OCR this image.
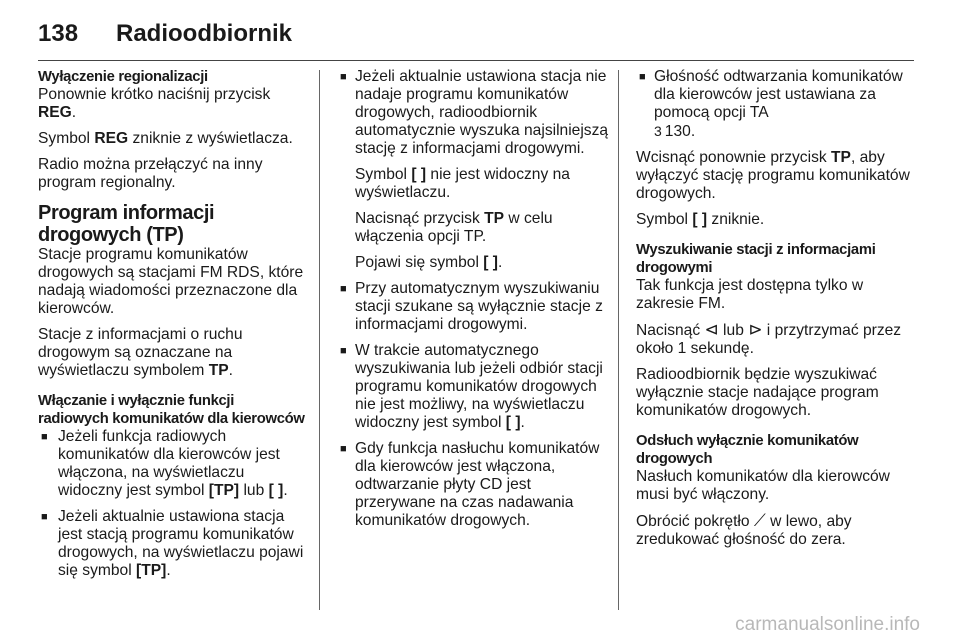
138 Radioodbiornik
Wyłączenie regionalizacji

Ponownie krótko naciśnij przycisk REG.

Symbol REG zniknie z wyświetlacza.

Radio można przełączyć na inny program regionalny.

Program informacji drogowych (TP)

Stacje programu komunikatów drogowych są stacjami FM RDS, które nadają wiadomości przeznaczone dla kierowców.

Stacje z informacjami o ruchu drogowym są oznaczane na wyświetlaczu symbolem TP.

Włączanie i wyłącznie funkcji radiowych komunikatów dla kierowców
■ Jeżeli funkcja radiowych komunikatów dla kierowców jest włączona, na wyświetlaczu widoczny jest symbol [TP] lub [ ].
■ Jeżeli aktualnie ustawiona stacja jest stacją programu komunikatów drogowych, na wyświetlaczu pojawi się symbol [TP].
■ Jeżeli aktualnie ustawiona stacja nie nadaje programu komunikatów drogowych, radioodbiornik automatycznie wyszuka najsilniejszą stację z informacjami drogowymi.
Symbol [ ] nie jest widoczny na wyświetlaczu.
Nacisnąć przycisk TP w celu włączenia opcji TP.
Pojawi się symbol [ ].
■ Przy automatycznym wyszukiwaniu stacji szukane są wyłącznie stacje z informacjami drogowymi.
■ W trakcie automatycznego wyszukiwania lub jeżeli odbiór stacji programu komunikatów drogowych nie jest możliwy, na wyświetlaczu widoczny jest symbol [ ].
■ Gdy funkcja nasłuchu komunikatów dla kierowców jest włączona, odtwarzanie płyty CD jest przerywane na czas nadawania komunikatów drogowych.
■ Głośność odtwarzania komunikatów dla kierowców jest ustawiana za pomocą opcji TA
3 130.

Wcisnąć ponownie przycisk TP, aby wyłączyć stację programu komunikatów drogowych.

Symbol [ ] zniknie.

Wyszukiwanie stacji z informacjami drogowymi

Tak funkcja jest dostępna tylko w zakresie FM.

Nacisnąć ⊲ lub ⊳ i przytrzymać przez około 1 sekundę.

Radioodbiornik będzie wyszukiwać wyłącznie stacje nadające program komunikatów drogowych.

Odsłuch wyłącznie komunikatów drogowych

Nasłuch komunikatów dla kierowców musi być włączony.

Obrócić pokrętło ⟋ w lewo, aby zredukować głośność do zera.

carmanualsonline.info
